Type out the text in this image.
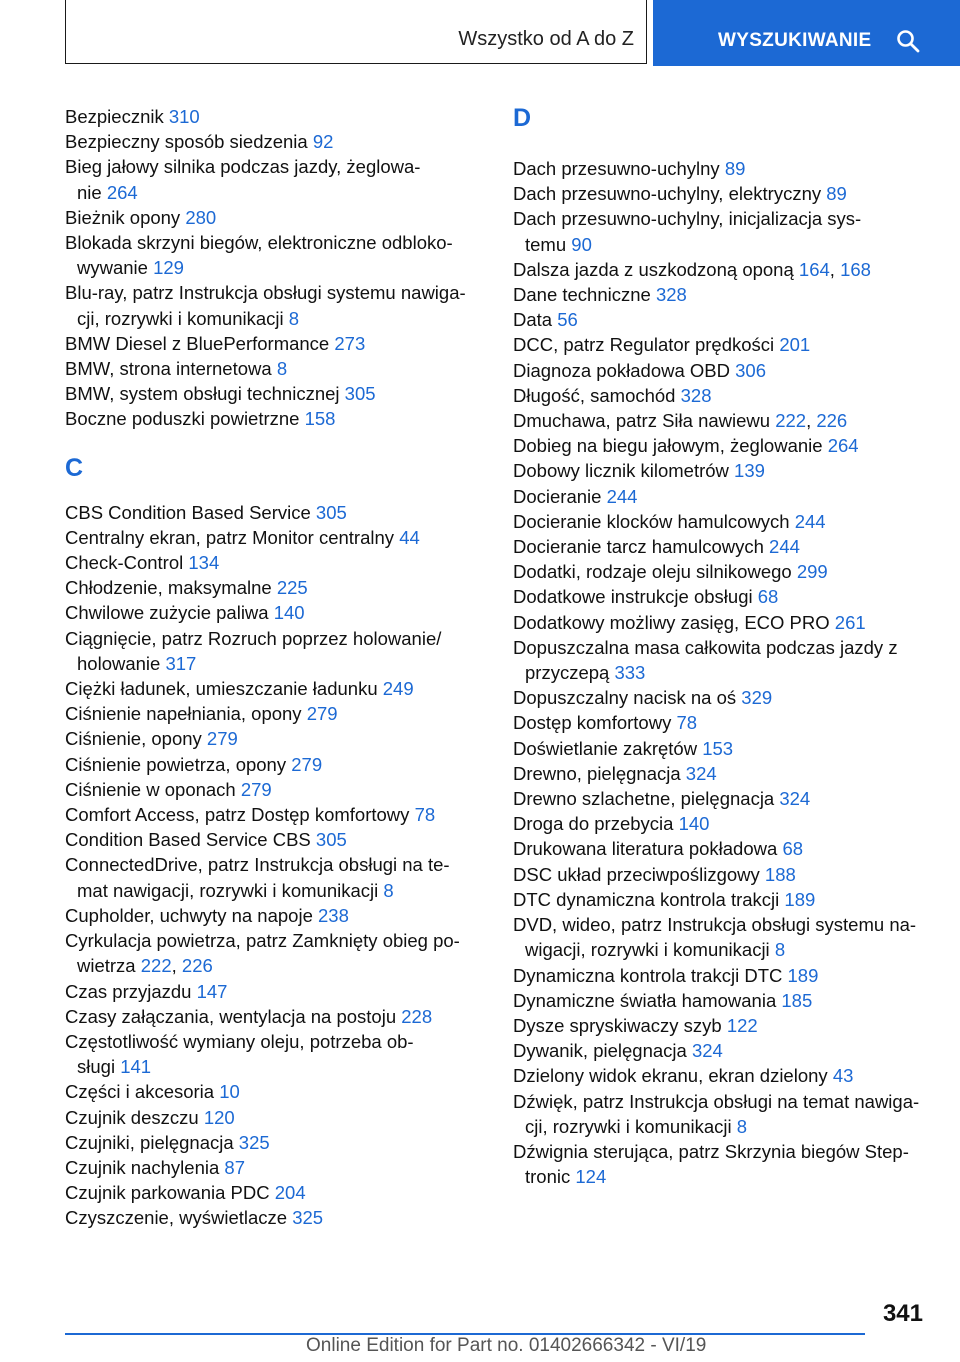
Wszystko od A do Z	WYSZUKIWANIE
Bezpiecznik 310
Bezpieczny sposób siedzenia 92
Bieg jałowy silnika podczas jazdy, żeglowa-
nie 264
Bieżnik opony 280
Blokada skrzyni biegów, elektroniczne odbloko-
wywanie 129
Blu-ray, patrz Instrukcja obsługi systemu nawiga-
cji, rozrywki i komunikacji 8
BMW Diesel z BluePerformance 273
BMW, strona internetowa 8
BMW, system obsługi technicznej 305
Boczne poduszki powietrzne 158
C
CBS Condition Based Service 305
Centralny ekran, patrz Monitor centralny 44
Check-Control 134
Chłodzenie, maksymalne 225
Chwilowe zużycie paliwa 140
Ciągnięcie, patrz Rozruch poprzez holowanie/
holowanie 317
Ciężki ładunek, umieszczanie ładunku 249
Ciśnienie napełniania, opony 279
Ciśnienie, opony 279
Ciśnienie powietrza, opony 279
Ciśnienie w oponach 279
Comfort Access, patrz Dostęp komfortowy 78
Condition Based Service CBS 305
ConnectedDrive, patrz Instrukcja obsługi na te-
mat nawigacji, rozrywki i komunikacji 8
Cupholder, uchwyty na napoje 238
Cyrkulacja powietrza, patrz Zamknięty obieg po-
wietrza 222, 226
Czas przyjazdu 147
Czasy załączania, wentylacja na postoju 228
Częstotliwość wymiany oleju, potrzeba ob-
sługi 141
Części i akcesoria 10
Czujnik deszczu 120
Czujniki, pielęgnacja 325
Czujnik nachylenia 87
Czujnik parkowania PDC 204
Czyszczenie, wyświetlacze 325
D
Dach przesuwno-uchylny 89
Dach przesuwno-uchylny, elektryczny 89
Dach przesuwno-uchylny, inicjalizacja sys-
temu 90
Dalsza jazda z uszkodzoną oponą 164, 168
Dane techniczne 328
Data 56
DCC, patrz Regulator prędkości 201
Diagnoza pokładowa OBD 306
Długość, samochód 328
Dmuchawa, patrz Siła nawiewu 222, 226
Dobieg na biegu jałowym, żeglowanie 264
Dobowy licznik kilometrów 139
Docieranie 244
Docieranie klocków hamulcowych 244
Docieranie tarcz hamulcowych 244
Dodatki, rodzaje oleju silnikowego 299
Dodatkowe instrukcje obsługi 68
Dodatkowy możliwy zasięg, ECO PRO 261
Dopuszczalna masa całkowita podczas jazdy z
przyczepą 333
Dopuszczalny nacisk na oś 329
Dostęp komfortowy 78
Doświetlanie zakrętów 153
Drewno, pielęgnacja 324
Drewno szlachetne, pielęgnacja 324
Droga do przebycia 140
Drukowana literatura pokładowa 68
DSC układ przeciwpoślizgowy 188
DTC dynamiczna kontrola trakcji 189
DVD, wideo, patrz Instrukcja obsługi systemu na-
wigacji, rozrywki i komunikacji 8
Dynamiczna kontrola trakcji DTC 189
Dynamiczne światła hamowania 185
Dysze spryskiwaczy szyb 122
Dywanik, pielęgnacja 324
Dzielony widok ekranu, ekran dzielony 43
Dźwięk, patrz Instrukcja obsługi na temat nawiga-
cji, rozrywki i komunikacji 8
Dźwignia sterująca, patrz Skrzynia biegów Step-
tronic 124
341
Online Edition for Part no. 01402666342 - VI/19
